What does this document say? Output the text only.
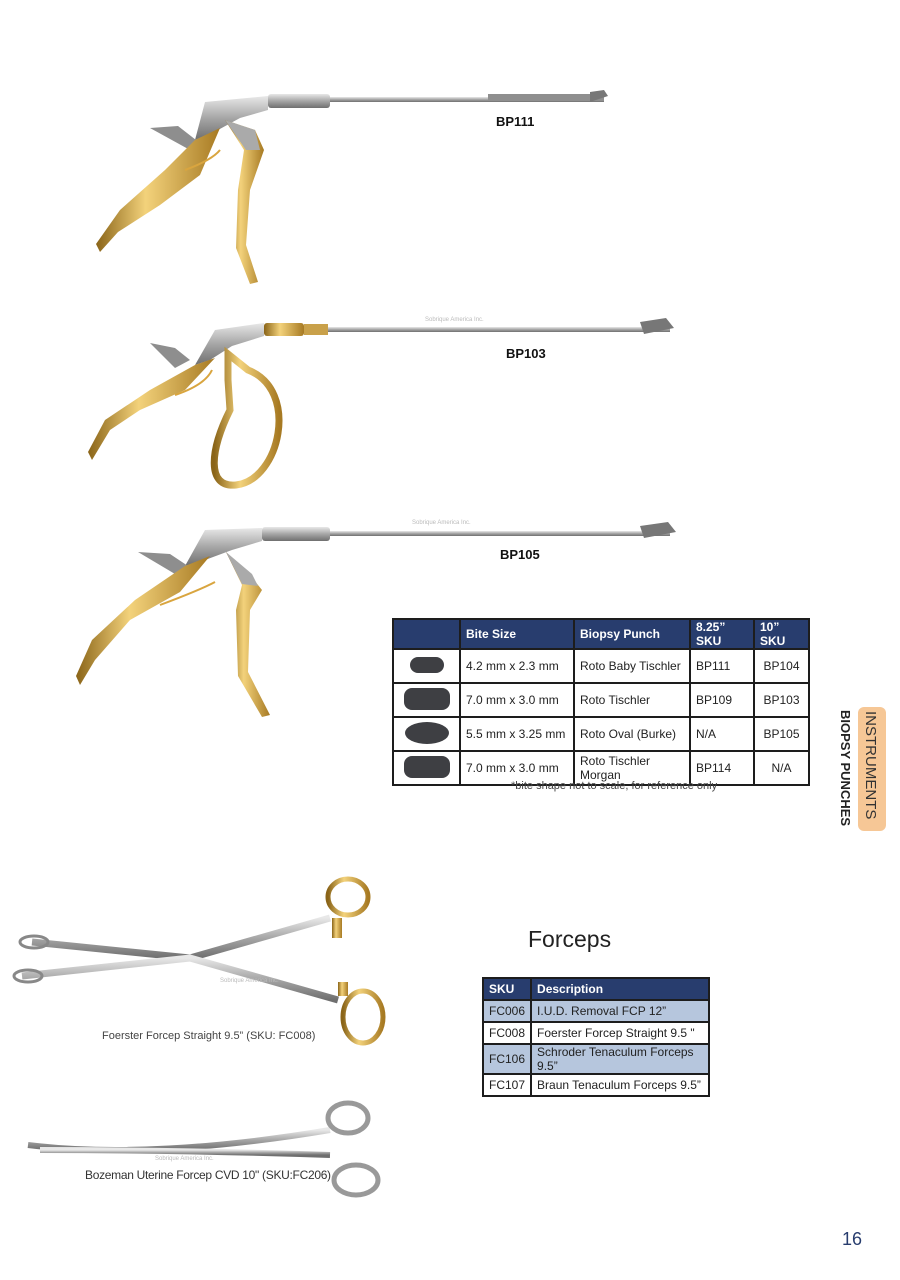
BP111
Sobrique America Inc.
BP103
Sobrique America Inc.
BP105
	Bite Size	Biopsy Punch	8.25” SKU	10” SKU
	4.2 mm x 2.3 mm	Roto Baby Tischler	BP111	BP104
	7.0 mm x 3.0 mm	Roto Tischler	BP109	BP103
	5.5 mm x 3.25 mm	Roto Oval (Burke)	N/A	BP105
	7.0 mm x 3.0 mm	Roto Tischler Morgan	BP114	N/A
*bite shape not to scale, for reference only	INSTRUMENTS
BIOPSY PUNCHES
Forceps
SKU	Description
FC006	I.U.D. Removal FCP 12”
FC008	Foerster Forcep Straight 9.5 "
FC106	Schroder Tenaculum Forceps 9.5”
FC107	Braun Tenaculum Forceps 9.5”
Sobrique America Inc.
Foerster Forcep Straight 9.5” (SKU: FC008)
Sobrique America Inc.
Bozeman Uterine Forcep CVD 10" (SKU:FC206)
16
